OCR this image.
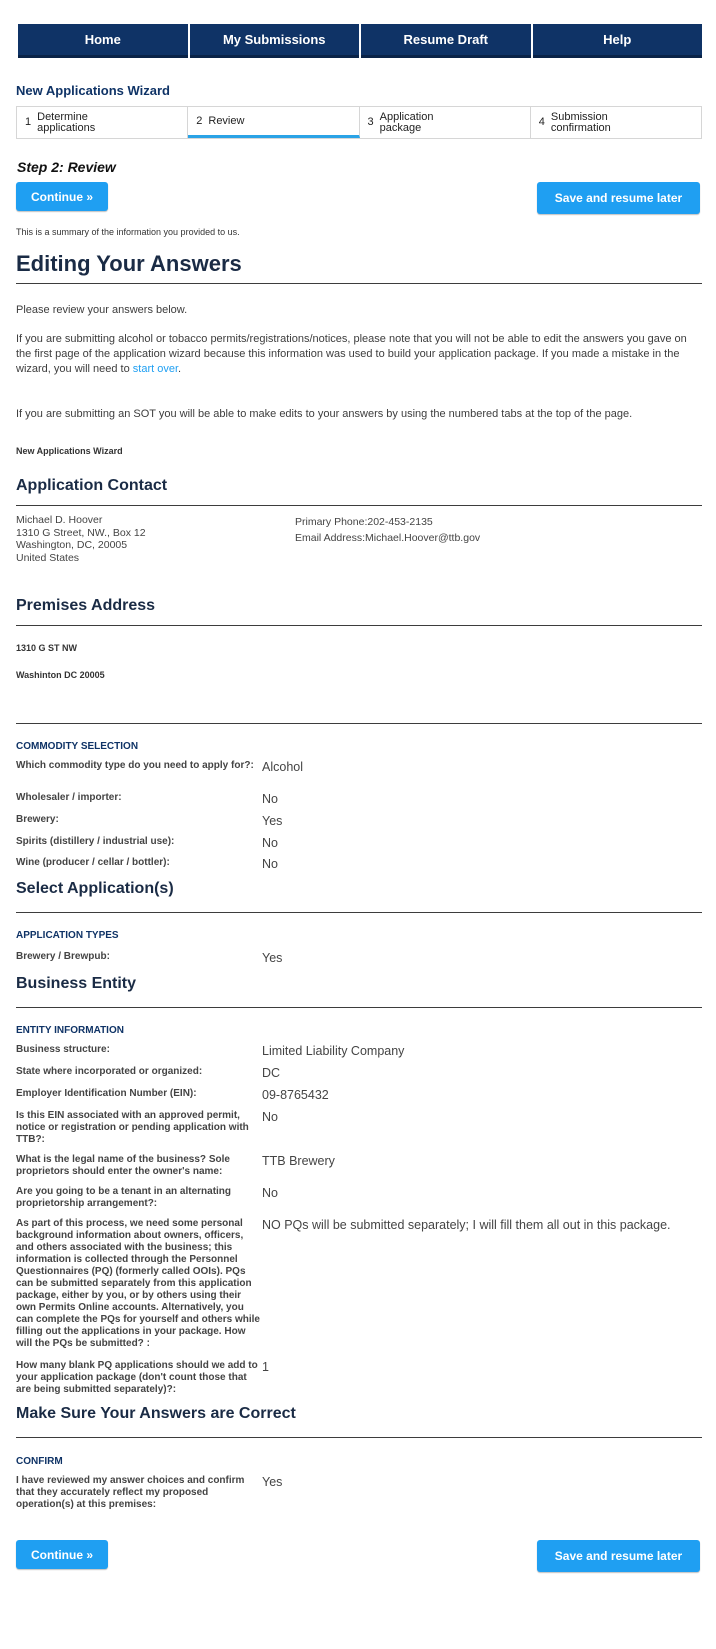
Home	My Submissions	Resume Draft	Help
New Applications Wizard
1 Determine applications
2 Review	3 Application package	4 Submission confirmation
Step 2: Review
Continue »	Save and resume later
This is a summary of the information you provided to us.
Editing Your Answers

Please review your answers below.

If you are submitting alcohol or tobacco permits/registrations/notices, please note that you will not be able to edit the answers you gave on the first page of the application wizard because this information was used to build your application package. If you made a mistake in the wizard, you will need to start over.

If you are submitting an SOT you will be able to make edits to your answers by using the numbered tabs at the top of the page.

New Applications Wizard
Application Contact
Michael D. Hoover
1310 G Street, NW., Box 12
Washington, DC, 20005
United States
Primary Phone:202-453-2135
Email Address:Michael.Hoover@ttb.gov
Premises Address
1310 G ST NW
Washinton DC 20005
COMMODITY SELECTION
Which commodity type do you need to apply for?: Alcohol
Wholesaler / importer:	No
Brewery:	Yes
Spirits (distillery / industrial use):	No
Wine (producer / cellar / bottler):	No
Select Application(s)
APPLICATION TYPES
Brewery / Brewpub:	Yes
Business Entity
ENTITY INFORMATION
Business structure:	Limited Liability Company
State where incorporated or organized:	DC
Employer Identification Number (EIN):	09-8765432
Is this EIN associated with an approved permit, notice or registration or pending application with TTB?:
No
What is the legal name of the business? Sole proprietors should enter the owner's name:
TTB Brewery
Are you going to be a tenant in an alternating proprietorship arrangement?:
No
As part of this process, we need some personal background information about owners, officers, and others associated with the business; this information is collected through the Personnel Questionnaires (PQ) (formerly called OOIs). PQs can be submitted separately from this application package, either by you, or by others using their own Permits Online accounts. Alternatively, you can complete the PQs for yourself and others while filling out the applications in your package. How will the PQs be submitted? :
NO PQs will be submitted separately; I will fill them all out in this package.
How many blank PQ applications should we add to your application package (don't count those that are being submitted separately)?:
1
Make Sure Your Answers are Correct
CONFIRM
I have reviewed my answer choices and confirm that they accurately reflect my proposed operation(s) at this premises:
Yes
Continue »	Save and resume later
